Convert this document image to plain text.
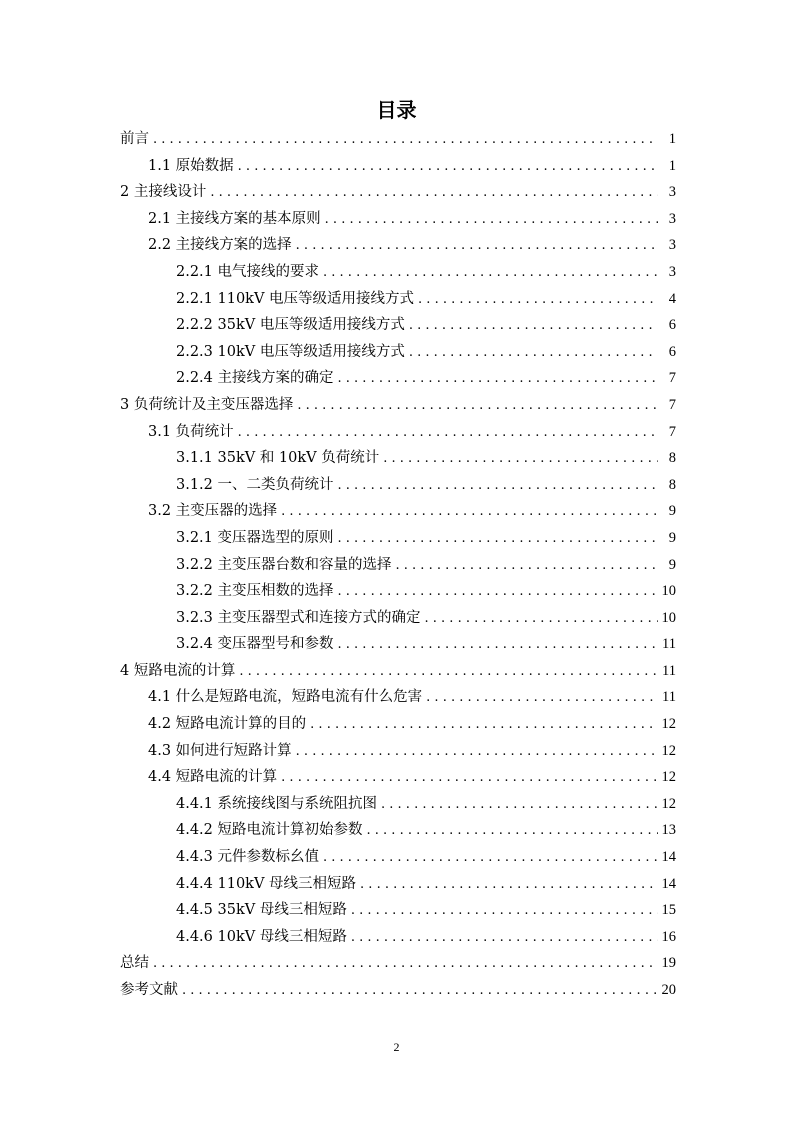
目录
前言 . . .	1
1.1 原始数据 . . .	1
2 主接线设计 . . .	3
2.1 主接线方案的基本原则 . . .	3
2.2 主接线方案的选择 . . .	3
2.2.1 电气接线的要求 . . .	3
2.2.1 110kV 电压等级适用接线方式 . . .	4
2.2.2 35kV 电压等级适用接线方式 . . .	6
2.2.3 10kV 电压等级适用接线方式 . . .	6
2.2.4 主接线方案的确定 . . .	7
3 负荷统计及主变压器选择 . . .	7
3.1 负荷统计 . . .	7
3.1.1 35kV 和 10kV 负荷统计 . . .	8
3.1.2 一、二类负荷统计 . . .	8
3.2 主变压器的选择 . . .	9
3.2.1 变压器选型的原则 . . .	9
3.2.2 主变压器台数和容量的选择 . . .	9
3.2.2 主变压相数的选择 . . .	10
3.2.3 主变压器型式和连接方式的确定 . . .	10
3.2.4 变压器型号和参数 . . .	11
4 短路电流的计算 . . .	11
4.1 什么是短路电流，短路电流有什么危害 . . .	11
4.2 短路电流计算的目的 . . .	12
4.3 如何进行短路计算 . . .	12
4.4 短路电流的计算 . . .	12
4.4.1 系统接线图与系统阻抗图 . . .	12
4.4.2 短路电流计算初始参数 . . .	13
4.4.3 元件参数标幺值 . . .	14
4.4.4 110kV 母线三相短路 . . .	14
4.4.5 35kV 母线三相短路 . . .	15
4.4.6 10kV 母线三相短路 . . .	16
总结 . . .	19
参考文献 . . .	20
2
